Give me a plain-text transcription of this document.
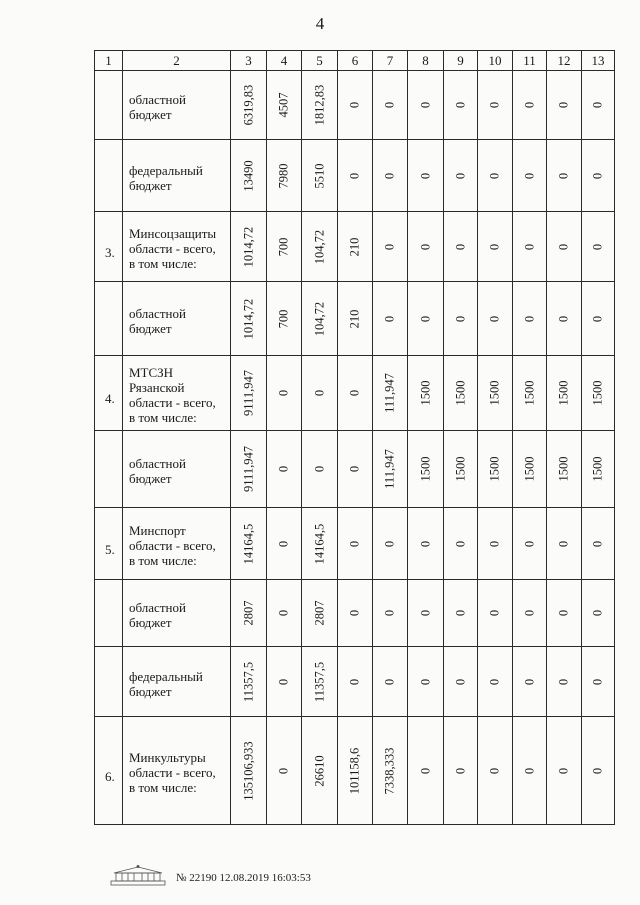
4
1	2	3	4	5	6	7	8	9	10	11	12	13
	областной
бюджет	6319,83	4507	1812,83	0	0	0	0	0	0	0	0

	федеральный
бюджет	13490	7980	5510	0	0	0	0	0	0	0	0

3.	Минсоцзащиты
области - всего,
в том числе:	1014,72	700	104,72	210	0	0	0	0	0	0	0

	областной
бюджет	1014,72	700	104,72	210	0	0	0	0	0	0	0

4.	МТСЗН
Рязанской
области - всего,
в том числе:	9111,947	0	0	0	111,947	1500	1500	1500	1500	1500	1500

	областной
бюджет	9111,947	0	0	0	111,947	1500	1500	1500	1500	1500	1500

5.	Минспорт
области - всего,
в том числе:	14164,5	0	14164,5	0	0	0	0	0	0	0	0

	областной
бюджет	2807	0	2807	0	0	0	0	0	0	0	0

	федеральный
бюджет	11357,5	0	11357,5	0	0	0	0	0	0	0	0

6.	Минкультуры
области - всего,
в том числе:	135106,933	0	26610	101158,6	7338,333	0	0	0	0	0	0
№ 22190 12.08.2019 16:03:53
